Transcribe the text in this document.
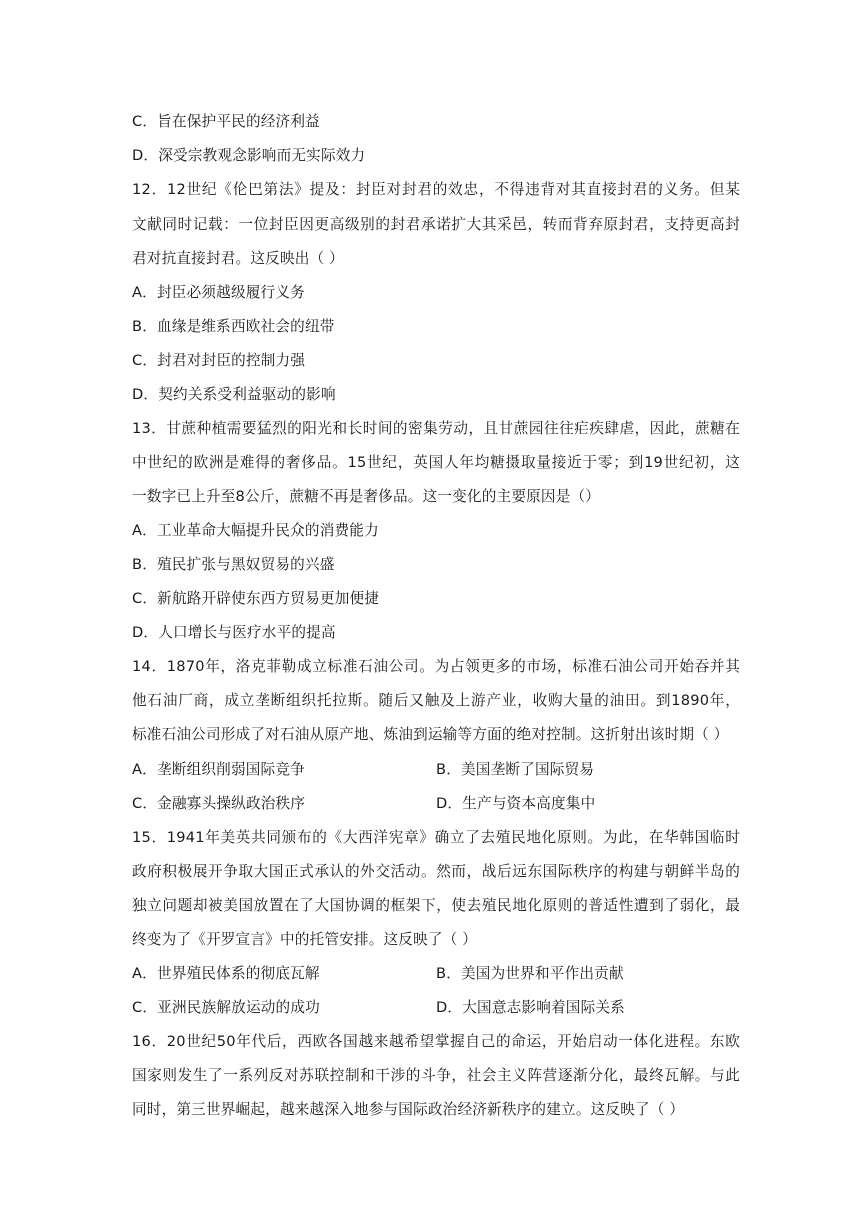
C．旨在保护平民的经济利益
D．深受宗教观念影响而无实际效力
12．12世纪《伦巴第法》提及：封臣对封君的效忠，不得违背对其直接封君的义务。但某
文献同时记载：一位封臣因更高级别的封君承诺扩大其采邑，转而背弃原封君，支持更高封
君对抗直接封君。这反映出（ ）
A．封臣必须越级履行义务
B．血缘是维系西欧社会的纽带
C．封君对封臣的控制力强
D．契约关系受利益驱动的影响
13．甘蔗种植需要猛烈的阳光和长时间的密集劳动，且甘蔗园往往疟疾肆虐，因此，蔗糖在
中世纪的欧洲是难得的奢侈品。15世纪，英国人年均糖摄取量接近于零；到19世纪初，这
一数字已上升至8公斤，蔗糖不再是奢侈品。这一变化的主要原因是（）
A．工业革命大幅提升民众的消费能力
B．殖民扩张与黑奴贸易的兴盛
C．新航路开辟使东西方贸易更加便捷
D．人口增长与医疗水平的提高
14．1870年，洛克菲勒成立标准石油公司。为占领更多的市场，标准石油公司开始吞并其
他石油厂商，成立垄断组织托拉斯。随后又触及上游产业，收购大量的油田。到1890年，
标准石油公司形成了对石油从原产地、炼油到运输等方面的绝对控制。这折射出该时期（ ）
A．垄断组织削弱国际竞争	B．美国垄断了国际贸易
C．金融寡头操纵政治秩序	D．生产与资本高度集中
15．1941年美英共同颁布的《大西洋宪章》确立了去殖民地化原则。为此，在华韩国临时
政府积极展开争取大国正式承认的外交活动。然而，战后远东国际秩序的构建与朝鲜半岛的
独立问题却被美国放置在了大国协调的框架下，使去殖民地化原则的普适性遭到了弱化，最
终变为了《开罗宣言》中的托管安排。这反映了（ ）
A．世界殖民体系的彻底瓦解	B．美国为世界和平作出贡献
C．亚洲民族解放运动的成功	D．大国意志影响着国际关系
16．20世纪50年代后，西欧各国越来越希望掌握自己的命运，开始启动一体化进程。东欧
国家则发生了一系列反对苏联控制和干涉的斗争，社会主义阵营逐渐分化，最终瓦解。与此
同时，第三世界崛起，越来越深入地参与国际政治经济新秩序的建立。这反映了（ ）
